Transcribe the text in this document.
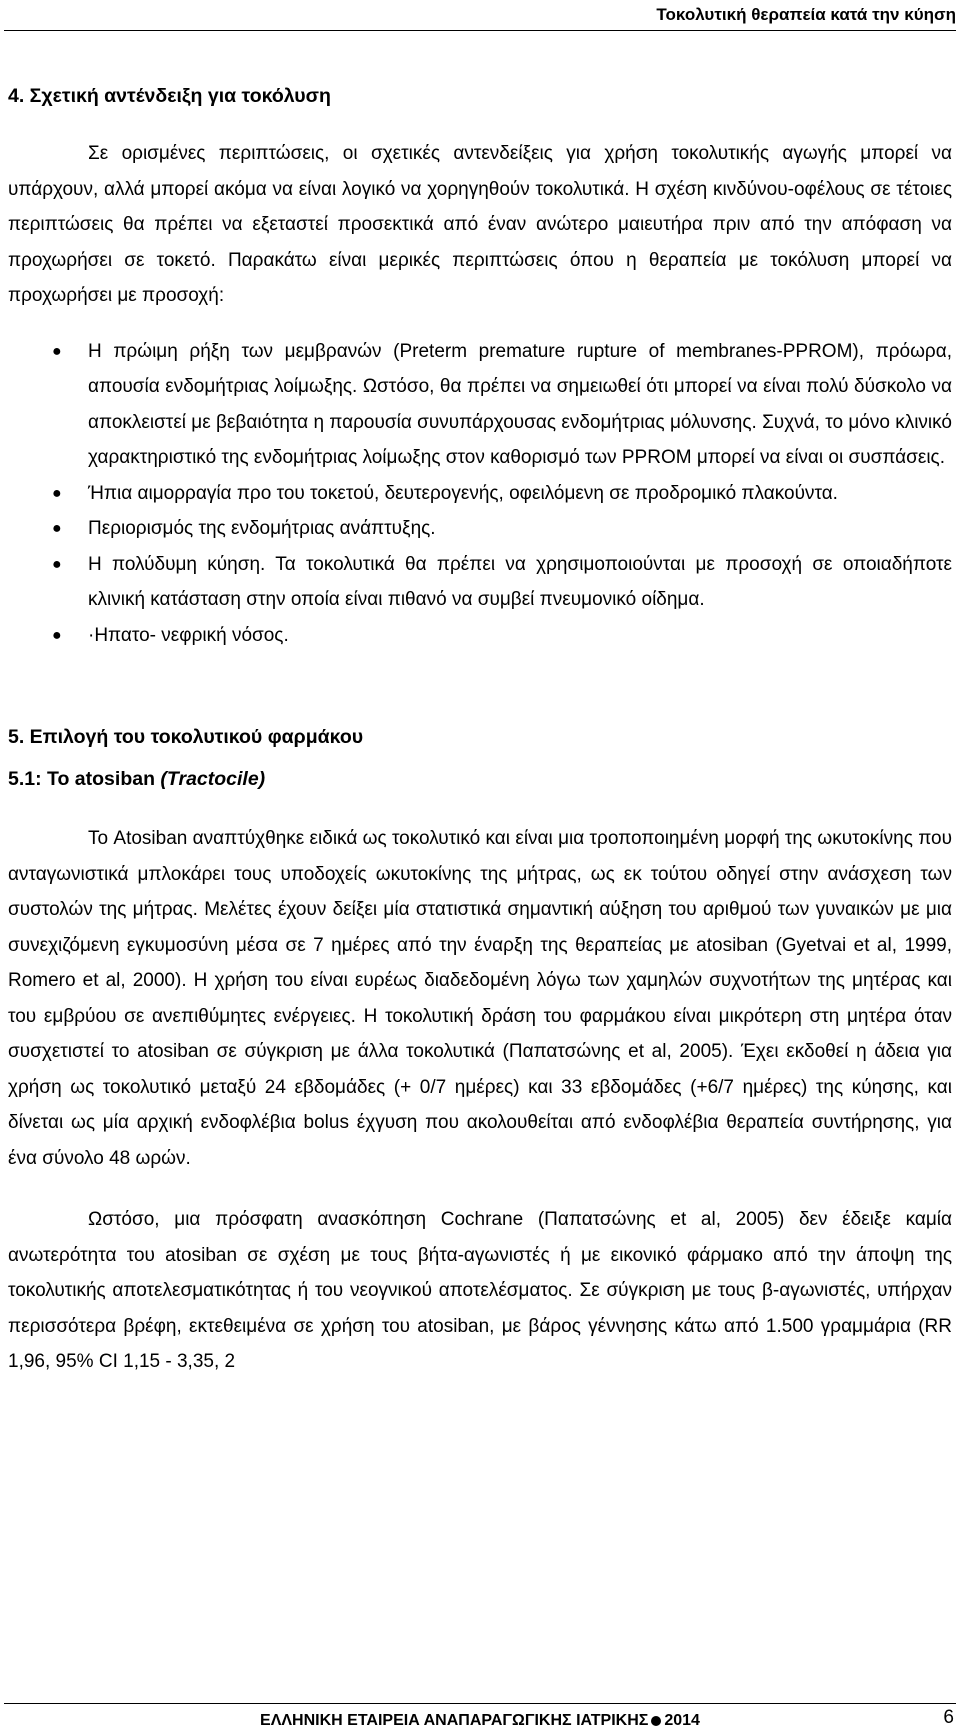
Τοκολυτική θεραπεία κατά την κύηση
4. Σχετική αντένδειξη για τοκόλυση

Σε ορισμένες περιπτώσεις, οι σχετικές αντενδείξεις για χρήση τοκολυτικής αγωγής μπορεί να υπάρχουν, αλλά μπορεί ακόμα να είναι λογικό να χορηγηθούν τοκολυτικά. Η σχέση κινδύνου-οφέλους σε τέτοιες περιπτώσεις θα πρέπει να εξεταστεί προσεκτικά από έναν ανώτερο μαιευτήρα πριν από την απόφαση να προχωρήσει σε τοκετό. Παρακάτω είναι μερικές περιπτώσεις όπου η θεραπεία με τοκόλυση μπορεί να προχωρήσει με προσοχή:

● Η πρώιμη ρήξη των μεμβρανών (Preterm premature rupture of membranes-PPROM), πρόωρα, απουσία ενδομήτριας λοίμωξης. Ωστόσο, θα πρέπει να σημειωθεί ότι μπορεί να είναι πολύ δύσκολο να αποκλειστεί με βεβαιότητα η παρουσία συνυπάρχουσας ενδομήτριας μόλυνσης. Συχνά, το μόνο κλινικό χαρακτηριστικό της ενδομήτριας λοίμωξης στον καθορισμό των PPROM μπορεί να είναι οι συσπάσεις.
● Ήπια αιμορραγία προ του τοκετού, δευτερογενής, οφειλόμενη σε προδρομικό πλακούντα.
● Περιορισμός της ενδομήτριας ανάπτυξης.
● Η πολύδυμη κύηση. Τα τοκολυτικά θα πρέπει να χρησιμοποιούνται με προσοχή σε οποιαδήποτε κλινική κατάσταση στην οποία είναι πιθανό να συμβεί πνευμονικό οίδημα.
● ·Ηπατο- νεφρική νόσος.
5. Επιλογή του τοκολυτικού φαρμάκου
5.1: Το atosiban (Tractocile)

Το Atosiban αναπτύχθηκε ειδικά ως τοκολυτικό και είναι μια τροποποιημένη μορφή της ωκυτοκίνης που ανταγωνιστικά μπλοκάρει τους υποδοχείς ωκυτοκίνης της μήτρας, ως εκ τούτου οδηγεί στην ανάσχεση των συστολών της μήτρας. Μελέτες έχουν δείξει μία στατιστικά σημαντική αύξηση του αριθμού των γυναικών με μια συνεχιζόμενη εγκυμοσύνη μέσα σε 7 ημέρες από την έναρξη της θεραπείας με atosiban (Gyetvai et al, 1999, Romero et al, 2000). Η χρήση του είναι ευρέως διαδεδομένη λόγω των χαμηλών συχνοτήτων της μητέρας και του εμβρύου σε ανεπιθύμητες ενέργειες. Η τοκολυτική δράση του φαρμάκου είναι μικρότερη στη μητέρα όταν συσχετιστεί το atosiban σε σύγκριση με άλλα τοκολυτικά (Παπατσώνης et al, 2005). Έχει εκδοθεί η άδεια για χρήση ως τοκολυτικό μεταξύ 24 εβδομάδες (+ 0/7 ημέρες) και 33 εβδομάδες (+6/7 ημέρες) της κύησης, και δίνεται ως μία αρχική ενδοφλέβια bolus έχγυση που ακολουθείται από ενδοφλέβια θεραπεία συντήρησης, για ένα σύνολο 48 ωρών.

Ωστόσο, μια πρόσφατη ανασκόπηση Cochrane (Παπατσώνης et al, 2005) δεν έδειξε καμία ανωτερότητα του atosiban σε σχέση με τους βήτα-αγωνιστές ή με εικονικό φάρμακο από την άποψη της τοκολυτικής αποτελεσματικότητας ή του νεογνικού αποτελέσματος. Σε σύγκριση με τους β-αγωνιστές, υπήρχαν περισσότερα βρέφη, εκτεθειμένα σε χρήση του atosiban, με βάρος γέννησης κάτω από 1.500 γραμμάρια (RR 1,96, 95% CI 1,15 - 3,35, 2

ΕΛΛΗΝΙΚΗ ΕΤΑΙΡΕΙΑ ΑΝΑΠΑΡΑΓΩΓΙΚΗΣ ΙΑΤΡΙΚΗΣ 2014	6
